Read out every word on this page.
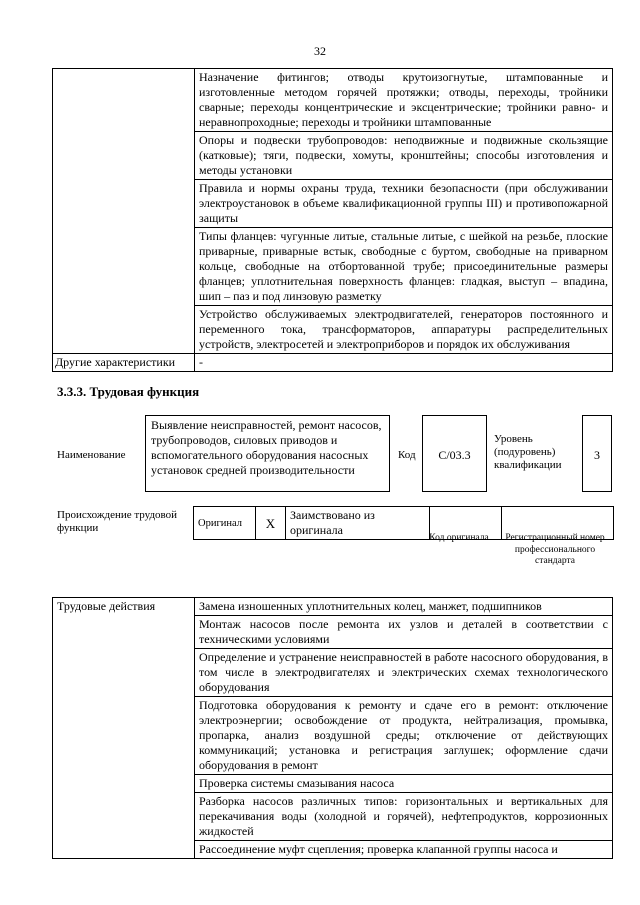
32
	Назначение фитингов; отводы крутоизогнутые, штампованные и изготовленные методом горячей протяжки; отводы, переходы, тройники сварные; переходы концентрические и эксцентрические; тройники равно- и неравнопроходные; переходы и тройники штампованные
	Опоры и подвески трубопроводов: неподвижные и подвижные скользящие (катковые); тяги, подвески, хомуты, кронштейны; способы изготовления и методы установки
	Правила и нормы охраны труда, техники безопасности (при обслуживании электроустановок в объеме квалификационной группы III) и противопожарной защиты
	Типы фланцев: чугунные литые, стальные литые, с шейкой на резьбе, плоские приварные, приварные встык, свободные с буртом, свободные на приварном кольце, свободные на отбортованной трубе; присоединительные размеры фланцев; уплотнительная поверхность фланцев: гладкая, выступ – впадина, шип – паз и под линзовую разметку
	Устройство обслуживаемых электродвигателей, генераторов постоянного и переменного тока, трансформаторов, аппаратуры распределительных устройств, электросетей и электроприборов и порядок их обслуживания
Другие характеристики	-
3.3.3. Трудовая функция
Наименование
Выявление неисправностей, ремонт насосов, трубопроводов, силовых приводов и вспомогательного оборудования насосных установок средней производительности
Код	С/03.3
Уровень (подуровень) квалификации
3
Происхождение трудовой функции	Оригинал	X	Заимствовано из оригинала		
Код оригинала	Регистрационный номер профессионального стандарта
Трудовые действия	Замена изношенных уплотнительных колец, манжет, подшипников
Монтаж насосов после ремонта их узлов и деталей в соответствии с техническими условиями
Определение и устранение неисправностей в работе насосного оборудования, в том числе в электродвигателях и электрических схемах технологического оборудования
Подготовка оборудования к ремонту и сдаче его в ремонт: отключение электроэнергии; освобождение от продукта, нейтрализация, промывка, пропарка, анализ воздушной среды; отключение от действующих коммуникаций; установка и регистрация заглушек; оформление сдачи оборудования в ремонт
Проверка системы смазывания насоса
Разборка насосов различных типов: горизонтальных и вертикальных для перекачивания воды (холодной и горячей), нефтепродуктов, коррозионных жидкостей
Рассоединение муфт сцепления; проверка клапанной группы насоса и
